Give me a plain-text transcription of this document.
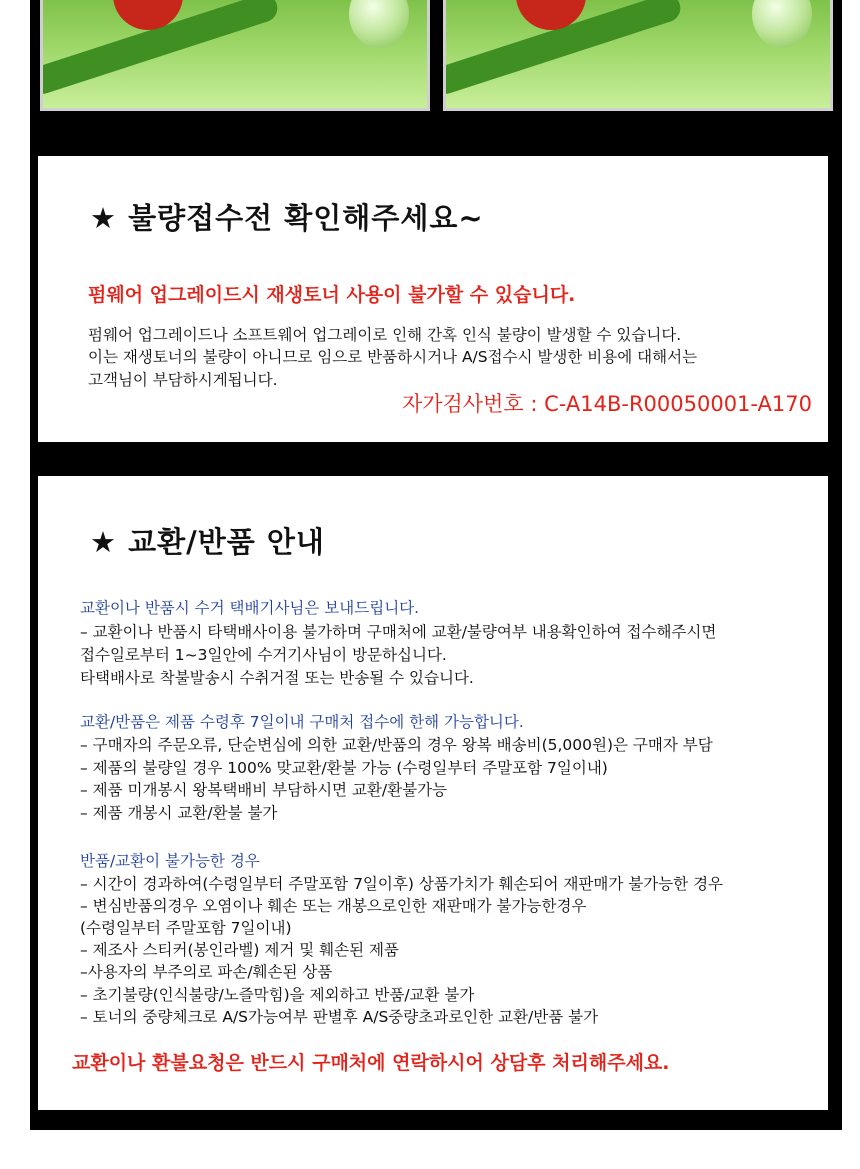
★ 불량접수전 확인해주세요~
펌웨어 업그레이드시 재생토너 사용이 불가할 수 있습니다.
펌웨어 업그레이드나 소프트웨어 업그레이로 인해 간혹 인식 불량이 발생할 수 있습니다.
이는 재생토너의 불량이 아니므로 임으로 반품하시거나 A/S접수시 발생한 비용에 대해서는
고객님이 부담하시게됩니다.
자가검사번호 : C-A14B-R00050001-A170
★ 교환/반품 안내
교환이나 반품시 수거 택배기사님은 보내드립니다.
– 교환이나 반품시 타택배사이용 불가하며 구매처에 교환/불량여부 내용확인하여 접수해주시면
접수일로부터 1~3일안에 수거기사님이 방문하십니다.
타택배사로 착불발송시 수취거절 또는 반송될 수 있습니다.
교환/반품은 제품 수령후 7일이내 구매처 접수에 한해 가능합니다.
– 구매자의 주문오류, 단순변심에 의한 교환/반품의 경우 왕복 배송비(5,000원)은 구매자 부담
– 제품의 불량일 경우 100% 맞교환/환불 가능 (수령일부터 주말포함 7일이내)
– 제품 미개봉시 왕복택배비 부담하시면 교환/환불가능
– 제품 개봉시 교환/환불 불가
반품/교환이 불가능한 경우
– 시간이 경과하여(수령일부터 주말포함 7일이후) 상품가치가 훼손되어 재판매가 불가능한 경우
– 변심반품의경우 오염이나 훼손 또는 개봉으로인한 재판매가 불가능한경우
(수령일부터 주말포함 7일이내)
– 제조사 스티커(봉인라벨) 제거 및 훼손된 제품
–사용자의 부주의로 파손/훼손된 상품
– 초기불량(인식불량/노즐막힘)을 제외하고 반품/교환 불가
– 토너의 중량체크로 A/S가능여부 판별후 A/S중량초과로인한 교환/반품 불가
교환이나 환불요청은 반드시 구매처에 연락하시어 상담후 처리해주세요.
